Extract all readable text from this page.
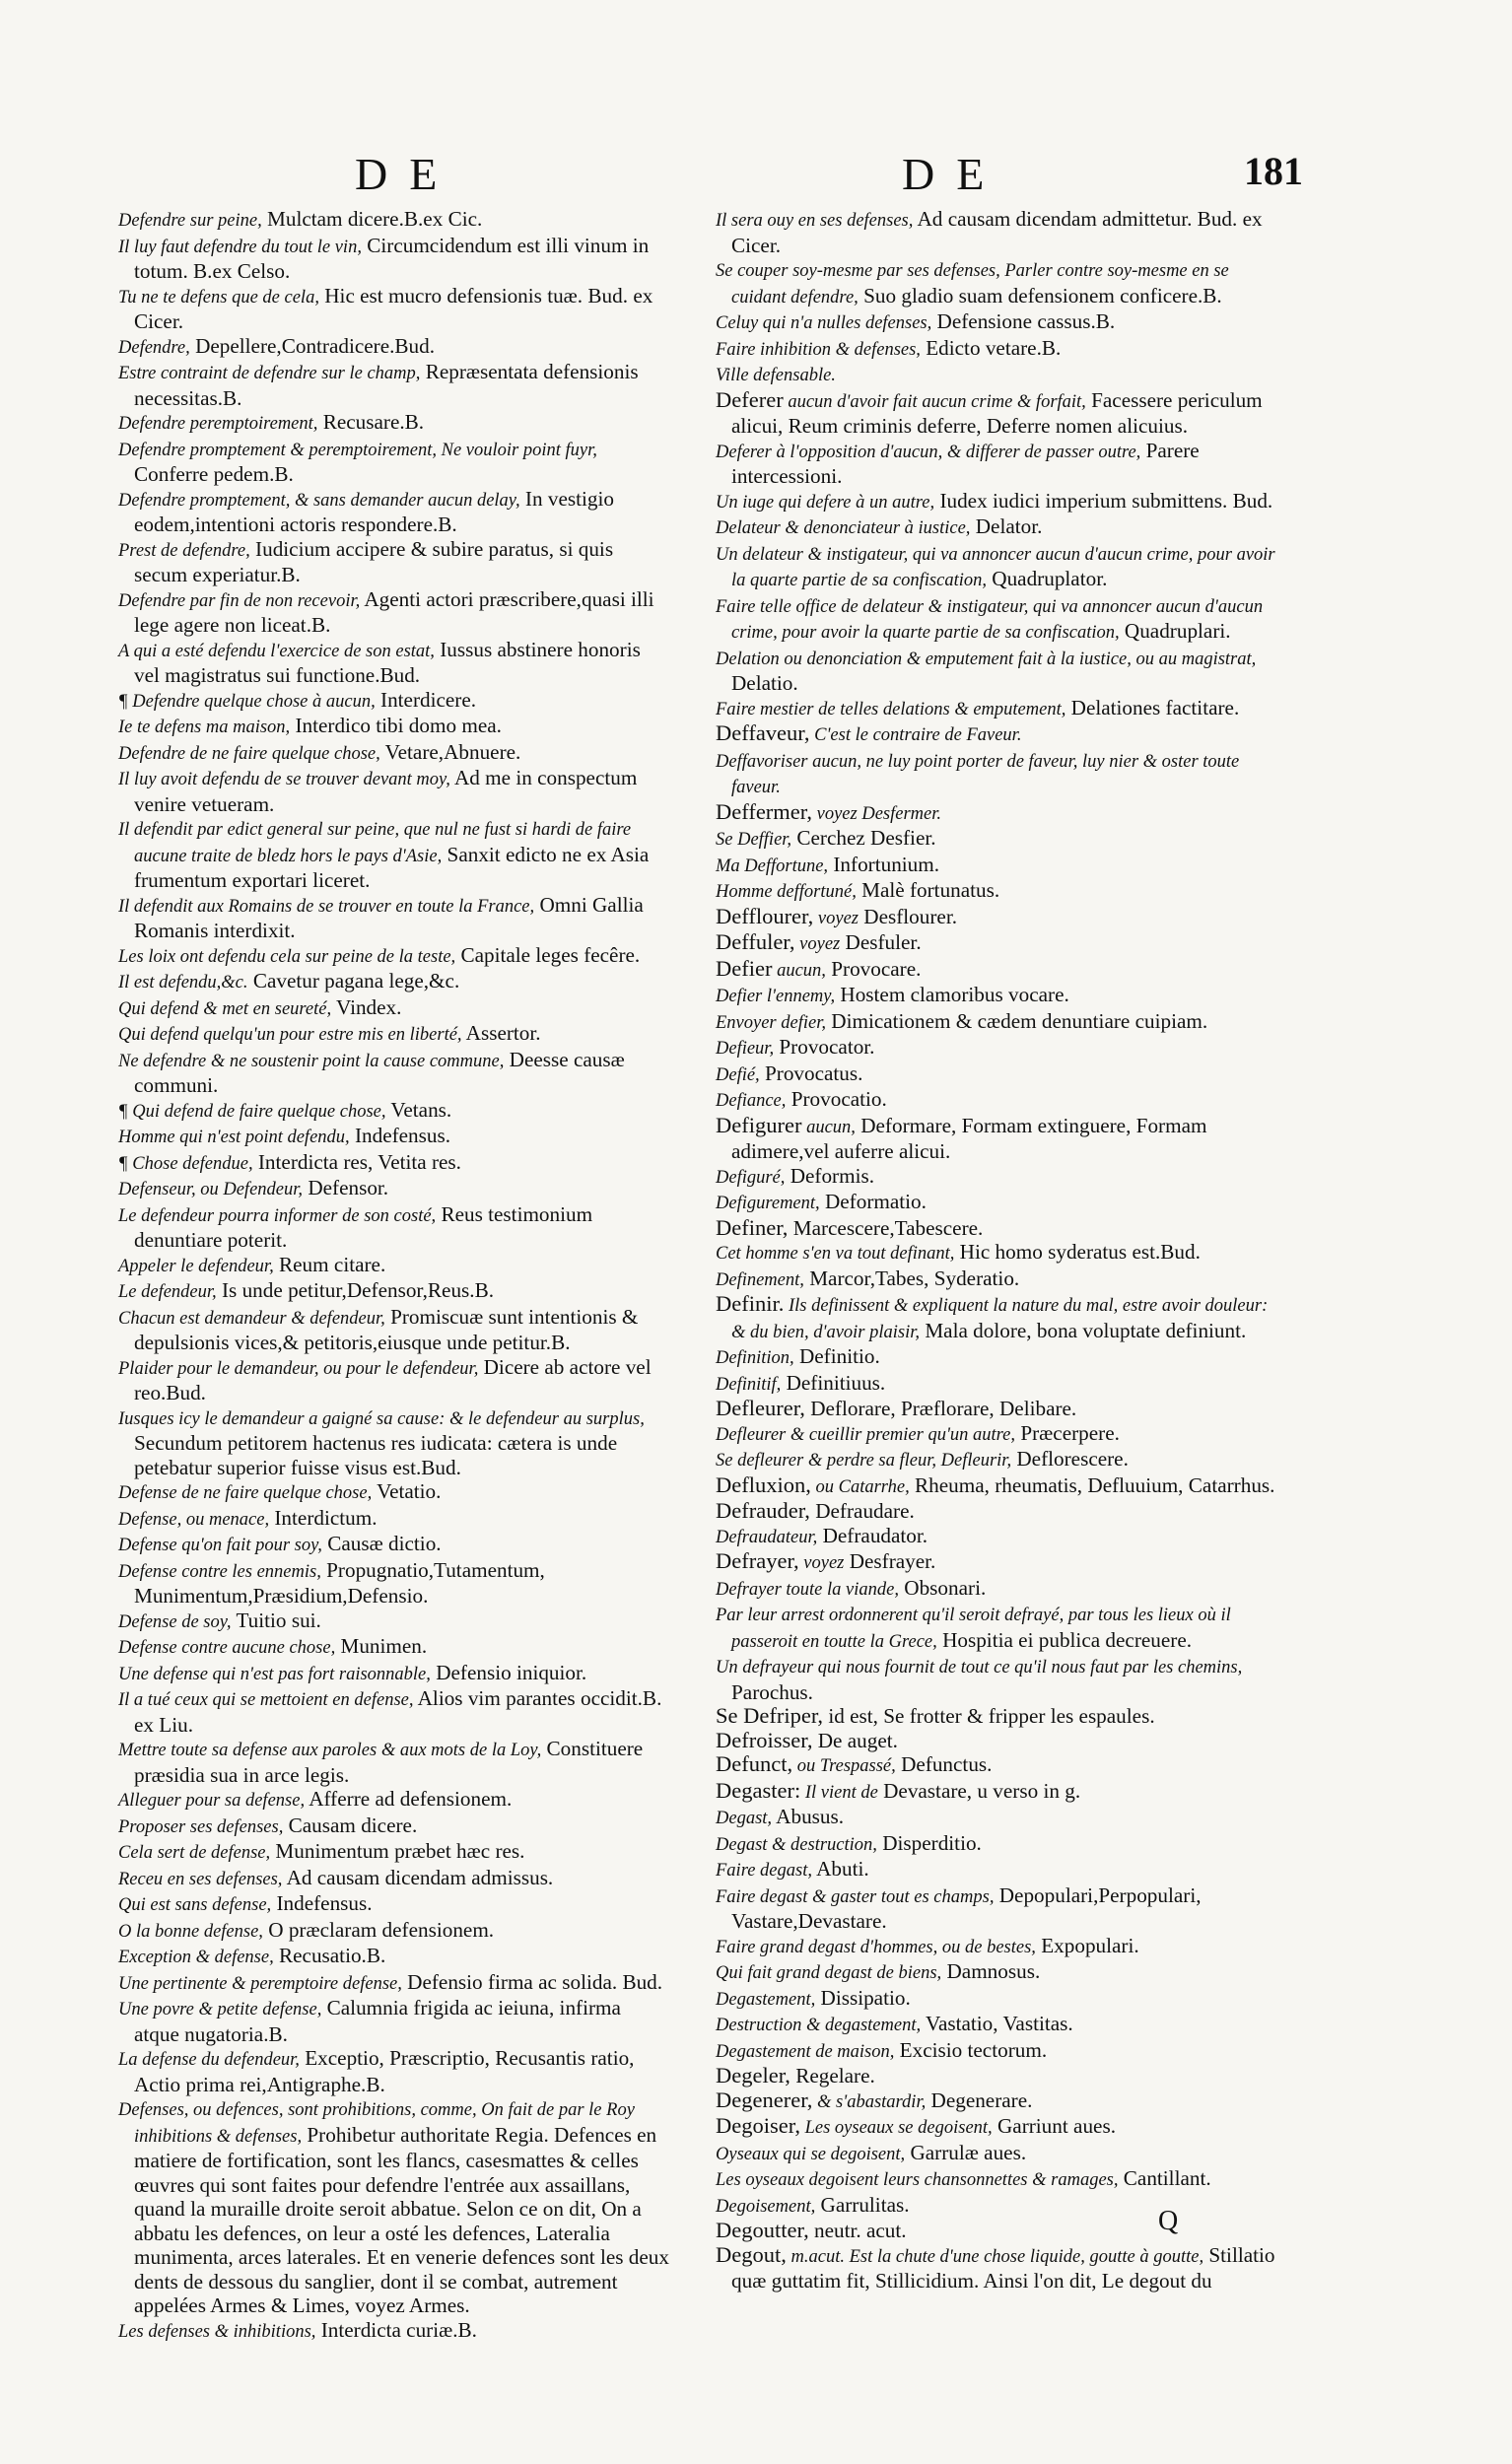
DE	DE	181
Defendre sur peine, Mulctam dicere.B.ex Cic.
Il luy faut defendre du tout le vin, Circumcidendum est illi vinum in totum. B.ex Celso.
Tu ne te defens que de cela, Hic est mucro defensionis tuæ. Bud. ex Cicer.
Defendre, Depellere,Contradicere.Bud.
Estre contraint de defendre sur le champ, Repræsentata defensionis necessitas.B.
Defendre peremptoirement, Recusare.B.
Defendre promptement & peremptoirement, Ne vouloir point fuyr, Conferre pedem.B.
Defendre promptement, & sans demander aucun delay, In vestigio eodem,intentioni actoris respondere.B.
Prest de defendre, Iudicium accipere & subire paratus, si quis secum experiatur.B.
Defendre par fin de non recevoir, Agenti actori præscribere,quasi illi lege agere non liceat.B.
A qui a esté defendu l'exercice de son estat, Iussus abstinere honoris vel magistratus sui functione.Bud.
¶ Defendre quelque chose à aucun, Interdicere.
Ie te defens ma maison, Interdico tibi domo mea.
Defendre de ne faire quelque chose, Vetare,Abnuere.
Il luy avoit defendu de se trouver devant moy, Ad me in conspectum venire vetueram.
Il defendit par edict general sur peine, que nul ne fust si hardi de faire aucune traite de bledz hors le pays d'Asie, Sanxit edicto ne ex Asia frumentum exportari liceret.
Il defendit aux Romains de se trouver en toute la France, Omni Gallia Romanis interdixit.
Les loix ont defendu cela sur peine de la teste, Capitale leges fecêre.
Il est defendu,&c. Cavetur pagana lege,&c.
Qui defend & met en seureté, Vindex.
Qui defend quelqu'un pour estre mis en liberté, Assertor.
Ne defendre & ne soustenir point la cause commune, Deesse causæ communi.
¶ Qui defend de faire quelque chose, Vetans.
Homme qui n'est point defendu, Indefensus.
¶ Chose defendue, Interdicta res, Vetita res.
Defenseur, ou Defendeur, Defensor.
Le defendeur pourra informer de son costé, Reus testimonium denuntiare poterit.
Appeler le defendeur, Reum citare.
Le defendeur, Is unde petitur,Defensor,Reus.B.
Chacun est demandeur & defendeur, Promiscuæ sunt intentionis & depulsionis vices,& petitoris,eiusque unde petitur.B.
Plaider pour le demandeur, ou pour le defendeur, Dicere ab actore vel reo.Bud.
Iusques icy le demandeur a gaigné sa cause: & le defendeur au surplus, Secundum petitorem hactenus res iudicata: cætera is unde petebatur superior fuisse visus est.Bud.
Defense de ne faire quelque chose, Vetatio.
Defense, ou menace, Interdictum.
Defense qu'on fait pour soy, Causæ dictio.
Defense contre les ennemis, Propugnatio,Tutamentum, Munimentum,Præsidium,Defensio.
Defense de soy, Tuitio sui.
Defense contre aucune chose, Munimen.
Une defense qui n'est pas fort raisonnable, Defensio iniquior.
Il a tué ceux qui se mettoient en defense, Alios vim parantes occidit.B. ex Liu.
Mettre toute sa defense aux paroles & aux mots de la Loy, Constituere præsidia sua in arce legis.
Alleguer pour sa defense, Afferre ad defensionem.
Proposer ses defenses, Causam dicere.
Cela sert de defense, Munimentum præbet hæc res.
Receu en ses defenses, Ad causam dicendam admissus.
Qui est sans defense, Indefensus.
O la bonne defense, O præclaram defensionem.
Exception & defense, Recusatio.B.
Une pertinente & peremptoire defense, Defensio firma ac solida. Bud.
Une povre & petite defense, Calumnia frigida ac ieiuna, infirma atque nugatoria.B.
La defense du defendeur, Exceptio, Præscriptio, Recusantis ratio, Actio prima rei,Antigraphe.B.
Defenses, ou defences, sont prohibitions, comme, On fait de par le Roy inhibitions & defenses, Prohibetur authoritate Regia. Defences en matiere de fortification, sont les flancs, casesmattes & celles œuvres qui sont faites pour defendre l'entrée aux assaillans, quand la muraille droite seroit abbatue. Selon ce on dit, On a abbatu les defences, on leur a osté les defences, Lateralia munimenta, arces laterales. Et en venerie defences sont les deux dents de dessous du sanglier, dont il se combat, autrement appelées Armes & Limes, voyez Armes.
Les defenses & inhibitions, Interdicta curiæ.B.
Il sera ouy en ses defenses, Ad causam dicendam admittetur. Bud. ex Cicer.
Se couper soy-mesme par ses defenses, Parler contre soy-mesme en se cuidant defendre, Suo gladio suam defensionem conficere.B.
Celuy qui n'a nulles defenses, Defensione cassus.B.
Faire inhibition & defenses, Edicto vetare.B.
Ville defensable.
Deferer aucun d'avoir fait aucun crime & forfait, Facessere periculum alicui, Reum criminis deferre, Deferre nomen alicuius.
Deferer à l'opposition d'aucun, & differer de passer outre, Parere intercessioni.
Un iuge qui defere à un autre, Iudex iudici imperium submittens. Bud.
Delateur & denonciateur à iustice, Delator.
Un delateur & instigateur, qui va annoncer aucun d'aucun crime, pour avoir la quarte partie de sa confiscation, Quadruplator.
Faire telle office de delateur & instigateur, qui va annoncer aucun d'aucun crime, pour avoir la quarte partie de sa confiscation, Quadruplari.
Delation ou denonciation & emputement fait à la iustice, ou au magistrat, Delatio.
Faire mestier de telles delations & emputement, Delationes factitare.
Deffaveur, C'est le contraire de Faveur.
Deffavoriser aucun, ne luy point porter de faveur, luy nier & oster toute faveur.
Deffermer, voyez Desfermer.
Se Deffier, Cerchez Desfier.
Ma Deffortune, Infortunium.
Homme deffortuné, Malè fortunatus.
Defflourer, voyez Desflourer.
Deffuler, voyez Desfuler.
Defier aucun, Provocare.
Defier l'ennemy, Hostem clamoribus vocare.
Envoyer defier, Dimicationem & cædem denuntiare cuipiam.
Defieur, Provocator.
Defié, Provocatus.
Defiance, Provocatio.
Defigurer aucun, Deformare, Formam extinguere, Formam adimere,vel auferre alicui.
Defiguré, Deformis.
Defigurement, Deformatio.
Definer, Marcescere,Tabescere.
Cet homme s'en va tout definant, Hic homo syderatus est.Bud.
Definement, Marcor,Tabes, Syderatio.
Definir. Ils definissent & expliquent la nature du mal, estre avoir douleur: & du bien, d'avoir plaisir, Mala dolore, bona voluptate definiunt.
Definition, Definitio.
Definitif, Definitiuus.
Defleurer, Deflorare, Præflorare, Delibare.
Defleurer & cueillir premier qu'un autre, Præcerpere.
Se defleurer & perdre sa fleur, Defleurir, Deflorescere.
Defluxion, ou Catarrhe, Rheuma, rheumatis, Defluuium, Catarrhus.
Defrauder, Defraudare.
Defraudateur, Defraudator.
Defrayer, voyez Desfrayer.
Defrayer toute la viande, Obsonari.
Par leur arrest ordonnerent qu'il seroit defrayé, par tous les lieux où il passeroit en toutte la Grece, Hospitia ei publica decreuere.
Un defrayeur qui nous fournit de tout ce qu'il nous faut par les chemins, Parochus.
Se Defriper, id est, Se frotter & fripper les espaules.
Defroisser, De auget.
Defunct, ou Trespassé, Defunctus.
Degaster: Il vient de Devastare, u verso in g.
Degast, Abusus.
Degast & destruction, Disperditio.
Faire degast, Abuti.
Faire degast & gaster tout es champs, Depopulari,Perpopulari, Vastare,Devastare.
Faire grand degast d'hommes, ou de bestes, Expopulari.
Qui fait grand degast de biens, Damnosus.
Degastement, Dissipatio.
Destruction & degastement, Vastatio, Vastitas.
Degastement de maison, Excisio tectorum.
Degeler, Regelare.
Degenerer, & s'abastardir, Degenerare.
Degoiser, Les oyseaux se degoisent, Garriunt aues.
Oyseaux qui se degoisent, Garrulæ aues.
Les oyseaux degoisent leurs chansonnettes & ramages, Cantillant.
Degoisement, Garrulitas.
Degoutter, neutr. acut.
Degout, m.acut. Est la chute d'une chose liquide, goutte à goutte, Stillatio quæ guttatim fit, Stillicidium. Ainsi l'on dit, Le degout du
Q
